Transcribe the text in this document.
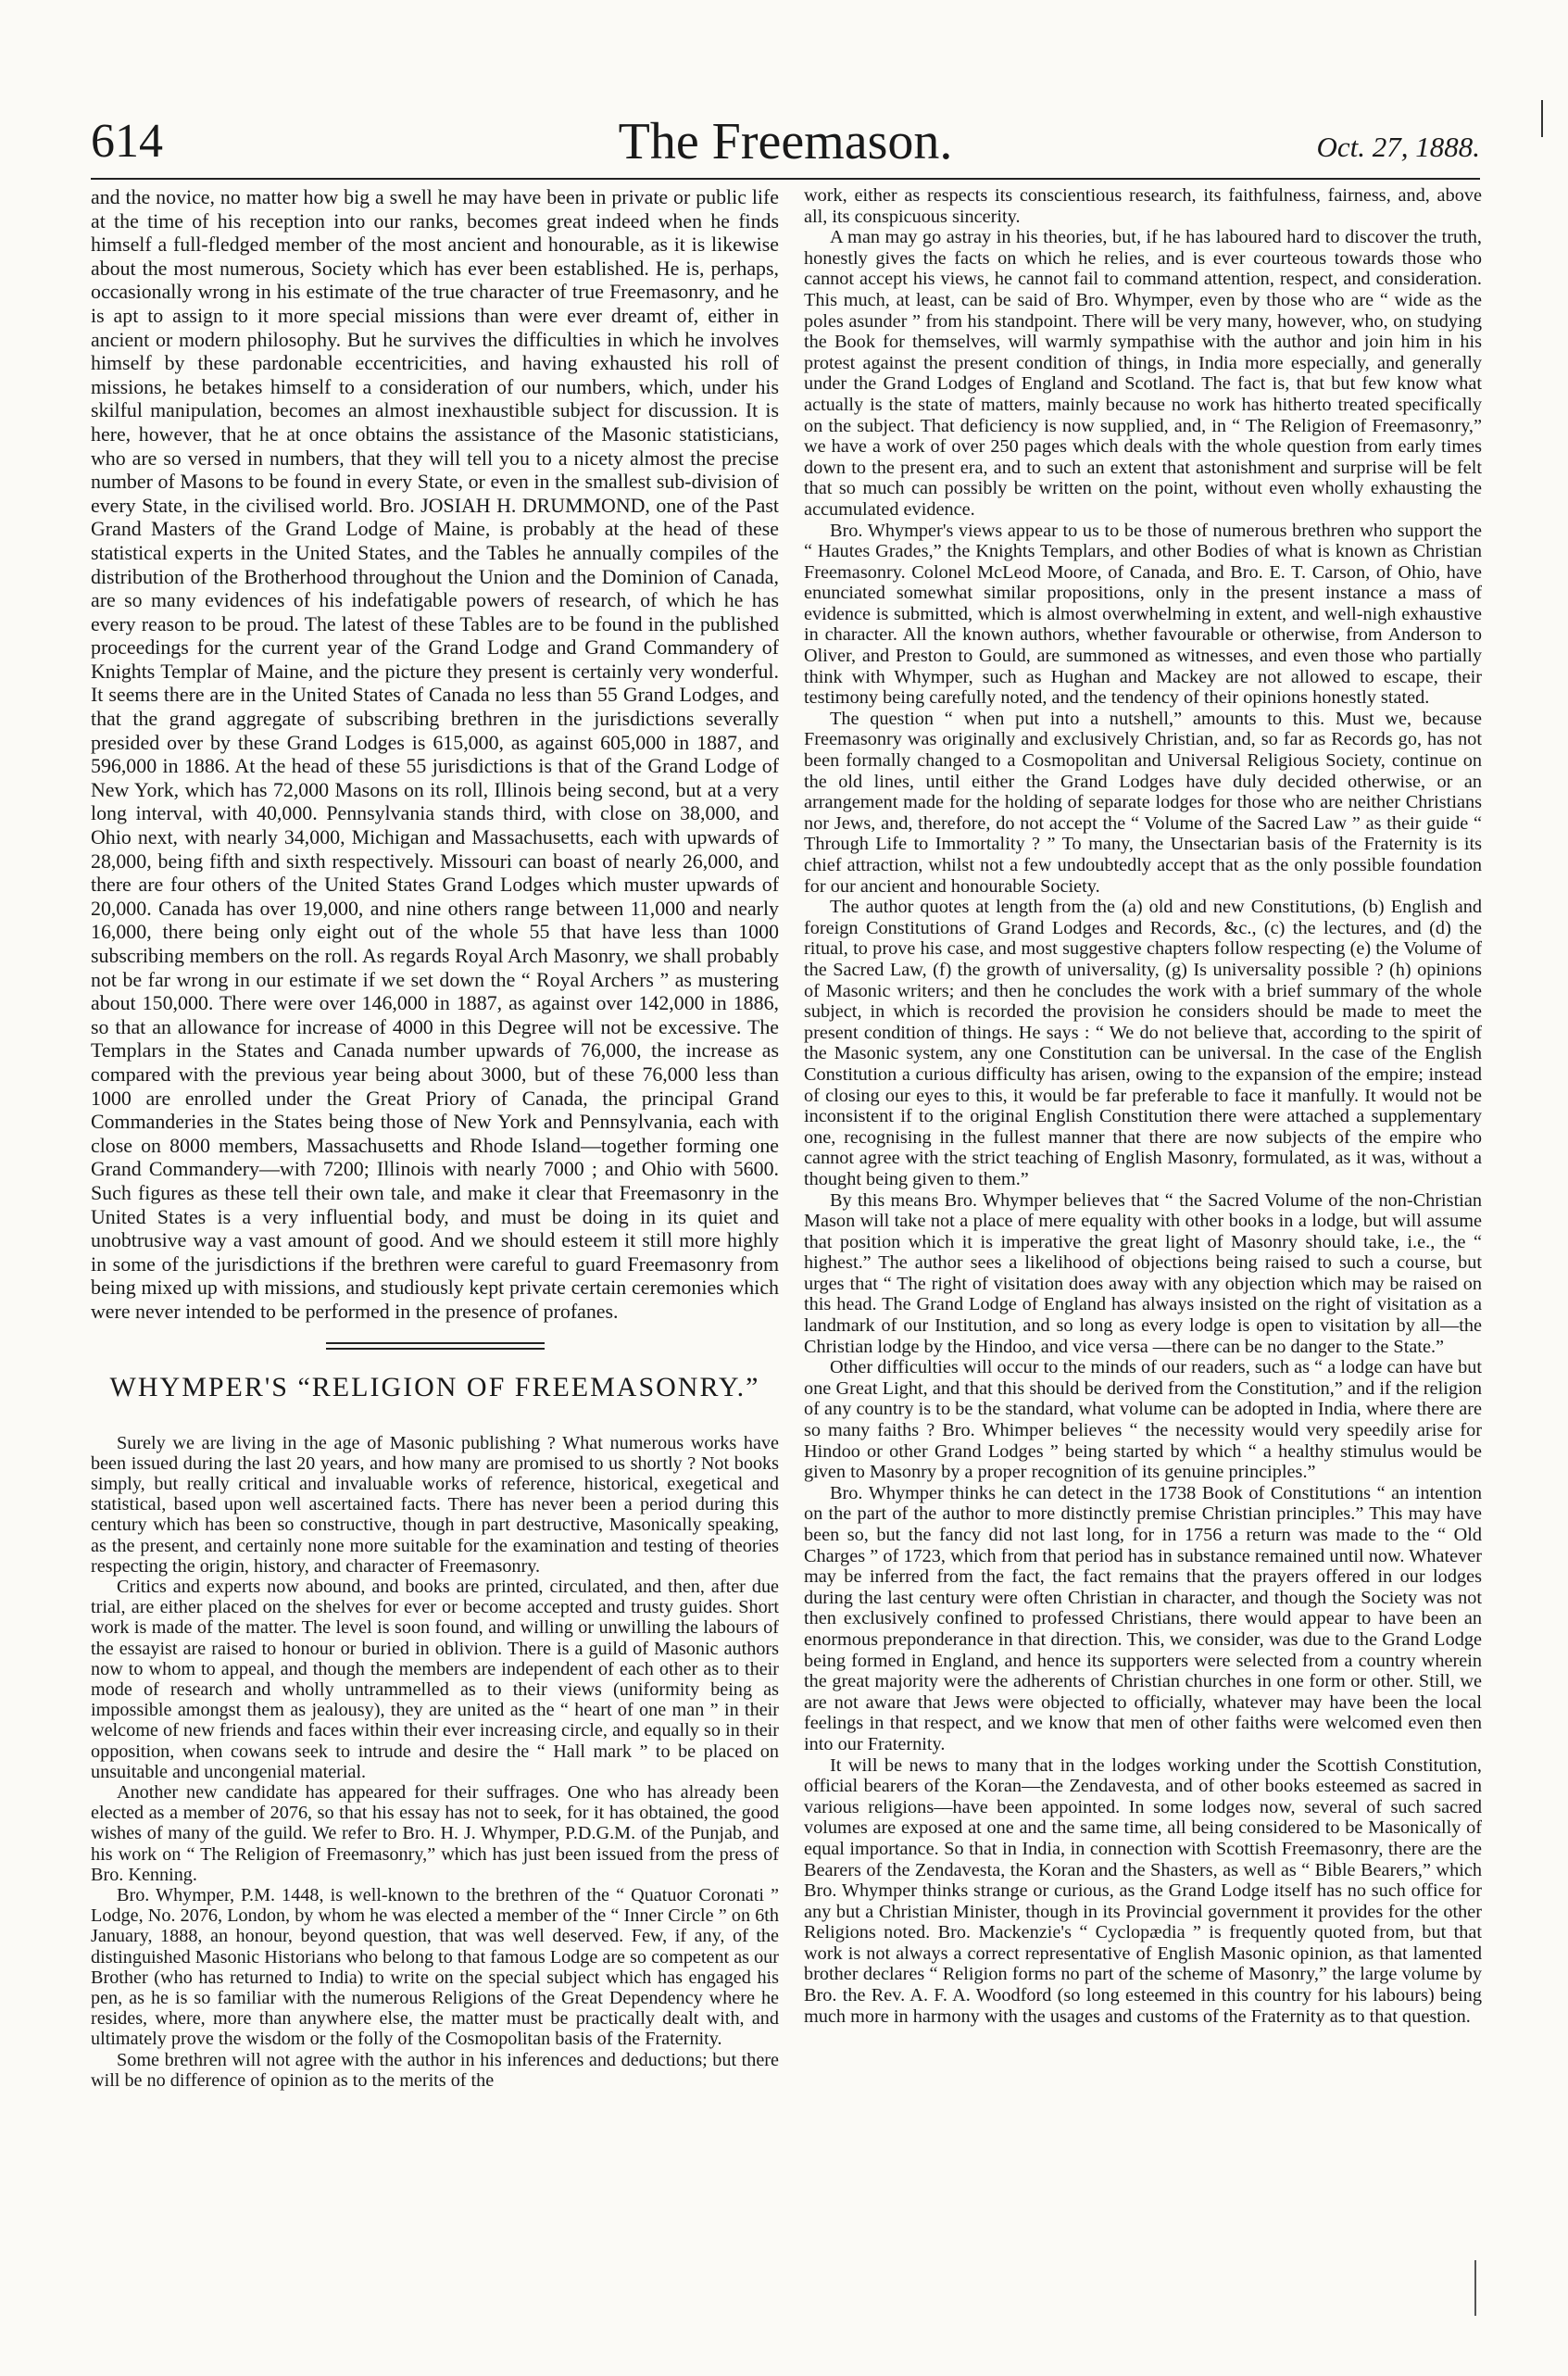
614	The Freemason.	Oct. 27, 1888.

and the novice, no matter how big a swell he may have been in private or public life at the time of his reception into our ranks, becomes great indeed when he finds himself a full-fledged member of the most ancient and honourable, as it is likewise about the most numerous, Society which has ever been established. He is, perhaps, occasionally wrong in his estimate of the true character of true Freemasonry, and he is apt to assign to it more special missions than were ever dreamt of, either in ancient or modern philosophy. But he survives the difficulties in which he involves himself by these pardonable eccentricities, and having exhausted his roll of missions, he betakes himself to a consideration of our numbers, which, under his skilful manipulation, becomes an almost inexhaustible subject for discussion. It is here, however, that he at once obtains the assistance of the Masonic statisticians, who are so versed in numbers, that they will tell you to a nicety almost the precise number of Masons to be found in every State, or even in the smallest sub-division of every State, in the civilised world. Bro. JOSIAH H. DRUMMOND, one of the Past Grand Masters of the Grand Lodge of Maine, is probably at the head of these statistical experts in the United States, and the Tables he annually compiles of the distribution of the Brotherhood throughout the Union and the Dominion of Canada, are so many evidences of his indefatigable powers of research, of which he has every reason to be proud. The latest of these Tables are to be found in the published proceedings for the current year of the Grand Lodge and Grand Commandery of Knights Templar of Maine, and the picture they present is certainly very wonderful. It seems there are in the United States of Canada no less than 55 Grand Lodges, and that the grand aggregate of subscribing brethren in the jurisdictions severally presided over by these Grand Lodges is 615,000, as against 605,000 in 1887, and 596,000 in 1886. At the head of these 55 jurisdictions is that of the Grand Lodge of New York, which has 72,000 Masons on its roll, Illinois being second, but at a very long interval, with 40,000. Pennsylvania stands third, with close on 38,000, and Ohio next, with nearly 34,000, Michigan and Massachusetts, each with upwards of 28,000, being fifth and sixth respectively. Missouri can boast of nearly 26,000, and there are four others of the United States Grand Lodges which muster upwards of 20,000. Canada has over 19,000, and nine others range between 11,000 and nearly 16,000, there being only eight out of the whole 55 that have less than 1000 subscribing members on the roll. As regards Royal Arch Masonry, we shall probably not be far wrong in our estimate if we set down the “ Royal Archers ” as mustering about 150,000. There were over 146,000 in 1887, as against over 142,000 in 1886, so that an allowance for increase of 4000 in this Degree will not be excessive. The Templars in the States and Canada number upwards of 76,000, the increase as compared with the previous year being about 3000, but of these 76,000 less than 1000 are enrolled under the Great Priory of Canada, the principal Grand Commanderies in the States being those of New York and Pennsylvania, each with close on 8000 members, Massachusetts and Rhode Island—together forming one Grand Commandery—with 7200; Illinois with nearly 7000 ; and Ohio with 5600. Such figures as these tell their own tale, and make it clear that Freemasonry in the United States is a very influential body, and must be doing in its quiet and unobtrusive way a vast amount of good. And we should esteem it still more highly in some of the jurisdictions if the brethren were careful to guard Freemasonry from being mixed up with missions, and studiously kept private certain ceremonies which were never intended to be performed in the presence of profanes.

WHYMPER'S “RELIGION OF FREEMASONRY.”

Surely we are living in the age of Masonic publishing ? What numerous works have been issued during the last 20 years, and how many are promised to us shortly ? Not books simply, but really critical and invaluable works of reference, historical, exegetical and statistical, based upon well ascertained facts. There has never been a period during this century which has been so constructive, though in part destructive, Masonically speaking, as the present, and certainly none more suitable for the examination and testing of theories respecting the origin, history, and character of Freemasonry.

Critics and experts now abound, and books are printed, circulated, and then, after due trial, are either placed on the shelves for ever or become accepted and trusty guides. Short work is made of the matter. The level is soon found, and willing or unwilling the labours of the essayist are raised to honour or buried in oblivion. There is a guild of Masonic authors now to whom to appeal, and though the members are independent of each other as to their mode of research and wholly untrammelled as to their views (uniformity being as impossible amongst them as jealousy), they are united as the “ heart of one man ” in their welcome of new friends and faces within their ever increasing circle, and equally so in their opposition, when cowans seek to intrude and desire the “ Hall mark ” to be placed on unsuitable and uncongenial material.

Another new candidate has appeared for their suffrages. One who has already been elected as a member of 2076, so that his essay has not to seek, for it has obtained, the good wishes of many of the guild. We refer to Bro. H. J. Whymper, P.D.G.M. of the Punjab, and his work on “ The Religion of Freemasonry,” which has just been issued from the press of Bro. Kenning.

Bro. Whymper, P.M. 1448, is well-known to the brethren of the “ Quatuor Coronati ” Lodge, No. 2076, London, by whom he was elected a member of the “ Inner Circle ” on 6th January, 1888, an honour, beyond question, that was well deserved. Few, if any, of the distinguished Masonic Historians who belong to that famous Lodge are so competent as our Brother (who has returned to India) to write on the special subject which has engaged his pen, as he is so familiar with the numerous Religions of the Great Dependency where he resides, where, more than anywhere else, the matter must be practically dealt with, and ultimately prove the wisdom or the folly of the Cosmopolitan basis of the Fraternity.

Some brethren will not agree with the author in his inferences and deductions; but there will be no difference of opinion as to the merits of the

work, either as respects its conscientious research, its faithfulness, fairness, and, above all, its conspicuous sincerity.

A man may go astray in his theories, but, if he has laboured hard to discover the truth, honestly gives the facts on which he relies, and is ever courteous towards those who cannot accept his views, he cannot fail to command attention, respect, and consideration. This much, at least, can be said of Bro. Whymper, even by those who are “ wide as the poles asunder ” from his standpoint. There will be very many, however, who, on studying the Book for themselves, will warmly sympathise with the author and join him in his protest against the present condition of things, in India more especially, and generally under the Grand Lodges of England and Scotland. The fact is, that but few know what actually is the state of matters, mainly because no work has hitherto treated specifically on the subject. That deficiency is now supplied, and, in “ The Religion of Freemasonry,” we have a work of over 250 pages which deals with the whole question from early times down to the present era, and to such an extent that astonishment and surprise will be felt that so much can possibly be written on the point, without even wholly exhausting the accumulated evidence.

Bro. Whymper's views appear to us to be those of numerous brethren who support the “ Hautes Grades,” the Knights Templars, and other Bodies of what is known as Christian Freemasonry. Colonel McLeod Moore, of Canada, and Bro. E. T. Carson, of Ohio, have enunciated somewhat similar propositions, only in the present instance a mass of evidence is submitted, which is almost overwhelming in extent, and well-nigh exhaustive in character. All the known authors, whether favourable or otherwise, from Anderson to Oliver, and Preston to Gould, are summoned as witnesses, and even those who partially think with Whymper, such as Hughan and Mackey are not allowed to escape, their testimony being carefully noted, and the tendency of their opinions honestly stated.

The question “ when put into a nutshell,” amounts to this. Must we, because Freemasonry was originally and exclusively Christian, and, so far as Records go, has not been formally changed to a Cosmopolitan and Universal Religious Society, continue on the old lines, until either the Grand Lodges have duly decided otherwise, or an arrangement made for the holding of separate lodges for those who are neither Christians nor Jews, and, therefore, do not accept the “ Volume of the Sacred Law ” as their guide “ Through Life to Immortality ? ” To many, the Unsectarian basis of the Fraternity is its chief attraction, whilst not a few undoubtedly accept that as the only possible foundation for our ancient and honourable Society.

The author quotes at length from the (a) old and new Constitutions, (b) English and foreign Constitutions of Grand Lodges and Records, &c., (c) the lectures, and (d) the ritual, to prove his case, and most suggestive chapters follow respecting (e) the Volume of the Sacred Law, (f) the growth of universality, (g) Is universality possible ? (h) opinions of Masonic writers; and then he concludes the work with a brief summary of the whole subject, in which is recorded the provision he considers should be made to meet the present condition of things. He says : “ We do not believe that, according to the spirit of the Masonic system, any one Constitution can be universal. In the case of the English Constitution a curious difficulty has arisen, owing to the expansion of the empire; instead of closing our eyes to this, it would be far preferable to face it manfully. It would not be inconsistent if to the original English Constitution there were attached a supplementary one, recognising in the fullest manner that there are now subjects of the empire who cannot agree with the strict teaching of English Masonry, formulated, as it was, without a thought being given to them.”

By this means Bro. Whymper believes that “ the Sacred Volume of the non-Christian Mason will take not a place of mere equality with other books in a lodge, but will assume that position which it is imperative the great light of Masonry should take, i.e., the “ highest.” The author sees a likelihood of objections being raised to such a course, but urges that “ The right of visitation does away with any objection which may be raised on this head. The Grand Lodge of England has always insisted on the right of visitation as a landmark of our Institution, and so long as every lodge is open to visitation by all—the Christian lodge by the Hindoo, and vice versa —there can be no danger to the State.”

Other difficulties will occur to the minds of our readers, such as “ a lodge can have but one Great Light, and that this should be derived from the Constitution,” and if the religion of any country is to be the standard, what volume can be adopted in India, where there are so many faiths ? Bro. Whimper believes “ the necessity would very speedily arise for Hindoo or other Grand Lodges ” being started by which “ a healthy stimulus would be given to Masonry by a proper recognition of its genuine principles.”

Bro. Whymper thinks he can detect in the 1738 Book of Constitutions “ an intention on the part of the author to more distinctly premise Christian principles.” This may have been so, but the fancy did not last long, for in 1756 a return was made to the “ Old Charges ” of 1723, which from that period has in substance remained until now. Whatever may be inferred from the fact, the fact remains that the prayers offered in our lodges during the last century were often Christian in character, and though the Society was not then exclusively confined to professed Christians, there would appear to have been an enormous preponderance in that direction. This, we consider, was due to the Grand Lodge being formed in England, and hence its supporters were selected from a country wherein the great majority were the adherents of Christian churches in one form or other. Still, we are not aware that Jews were objected to officially, whatever may have been the local feelings in that respect, and we know that men of other faiths were welcomed even then into our Fraternity.

It will be news to many that in the lodges working under the Scottish Constitution, official bearers of the Koran—the Zendavesta, and of other books esteemed as sacred in various religions—have been appointed. In some lodges now, several of such sacred volumes are exposed at one and the same time, all being considered to be Masonically of equal importance. So that in India, in connection with Scottish Freemasonry, there are the Bearers of the Zendavesta, the Koran and the Shasters, as well as “ Bible Bearers,” which Bro. Whymper thinks strange or curious, as the Grand Lodge itself has no such office for any but a Christian Minister, though in its Provincial government it provides for the other Religions noted. Bro. Mackenzie's “ Cyclopædia ” is frequently quoted from, but that work is not always a correct representative of English Masonic opinion, as that lamented brother declares “ Religion forms no part of the scheme of Masonry,” the large volume by Bro. the Rev. A. F. A. Woodford (so long esteemed in this country for his labours) being much more in harmony with the usages and customs of the Fraternity as to that question.
